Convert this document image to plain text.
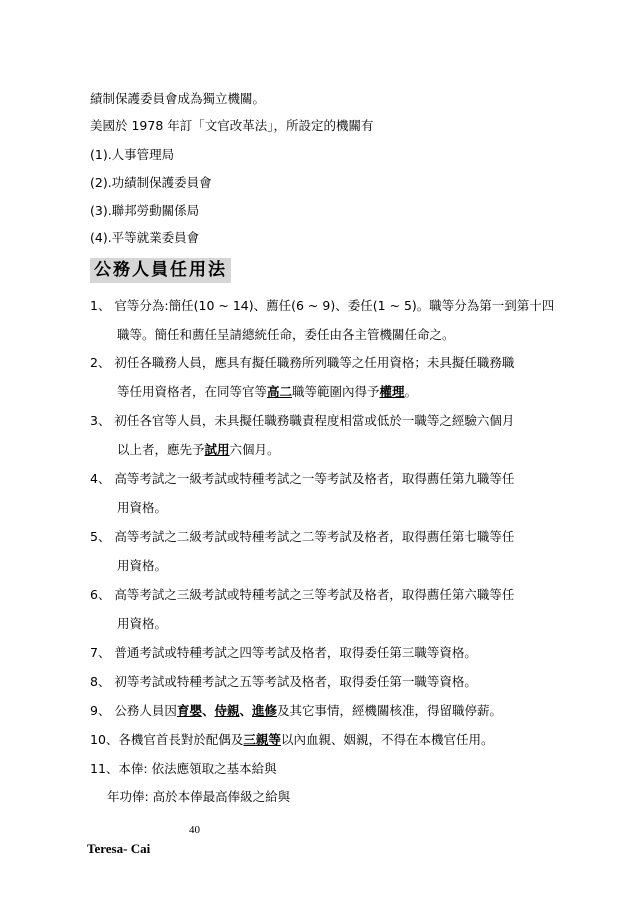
績制保護委員會成為獨立機關。
美國於 1978 年訂「文官改革法」，所設定的機關有
(1).人事管理局
(2).功績制保護委員會
(3).聯邦勞動關係局
(4).平等就業委員會
公務人員任用法
1、 官等分為:簡任(10 ~ 14)、薦任(6 ~ 9)、委任(1 ~ 5)。職等分為第一到第十四
職等。簡任和薦任呈請總統任命，委任由各主管機關任命之。
2、 初任各職務人員，應具有擬任職務所列職等之任用資格；未具擬任職務職
等任用資格者，在同等官等高二職等範圍內得予權理。
3、 初任各官等人員，未具擬任職務職責程度相當或低於一職等之經驗六個月
以上者，應先予試用六個月。
4、 高等考試之一級考試或特種考試之一等考試及格者，取得薦任第九職等任
用資格。
5、 高等考試之二級考試或特種考試之二等考試及格者，取得薦任第七職等任
用資格。
6、 高等考試之三級考試或特種考試之三等考試及格者，取得薦任第六職等任
用資格。
7、 普通考試或特種考試之四等考試及格者，取得委任第三職等資格。
8、 初等考試或特種考試之五等考試及格者，取得委任第一職等資格。
9、 公務人員因育嬰、侍親、進修及其它事情，經機關核准，得留職停薪。
10、各機官首長對於配偶及三親等以內血親、姻親，不得在本機官任用。
11、本俸: 依法應領取之基本給與
年功俸: 高於本俸最高俸級之給與
40
Teresa- Cai
